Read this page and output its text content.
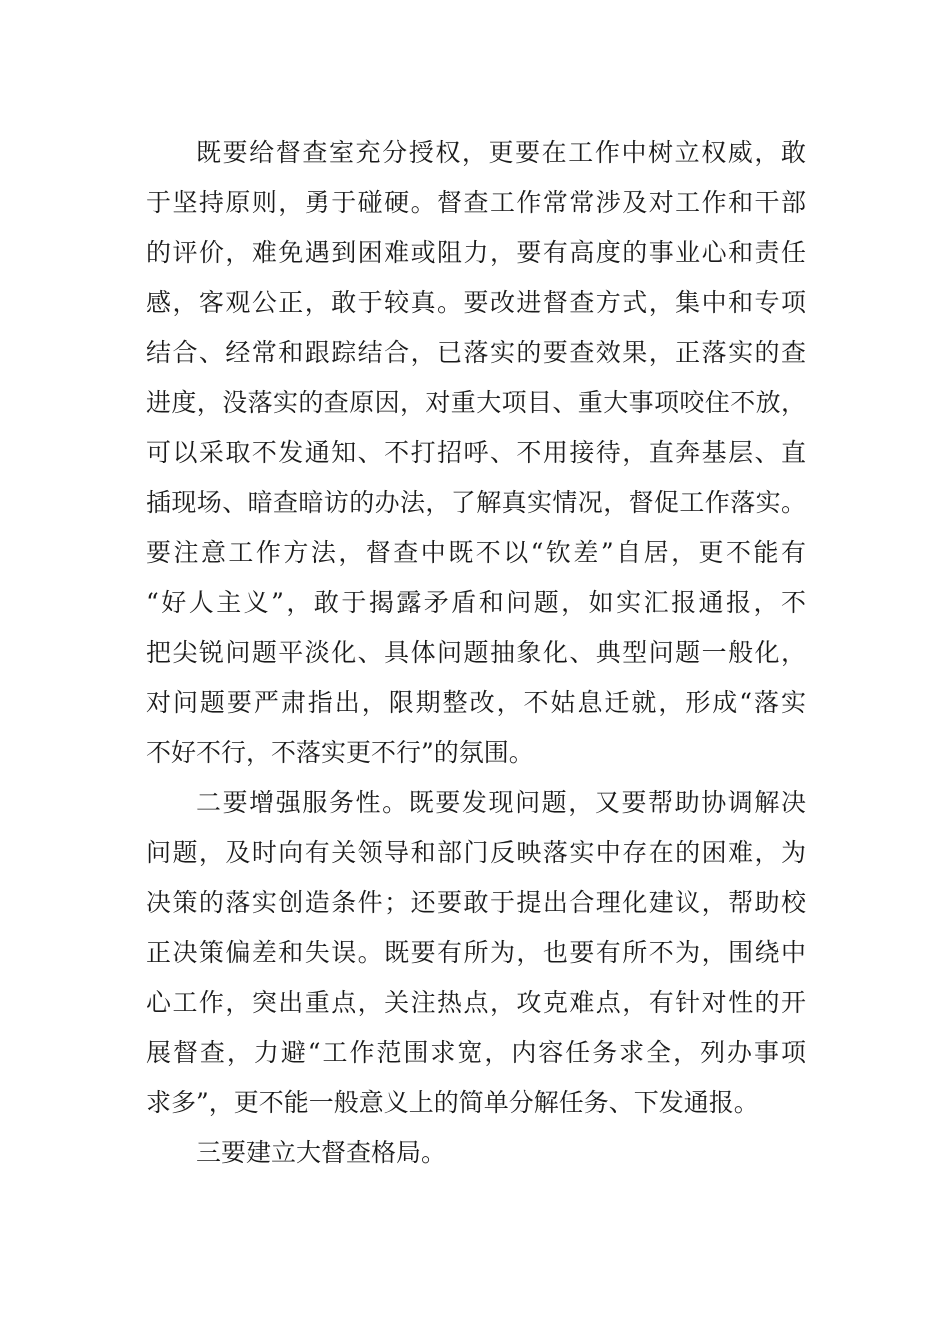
既要给督查室充分授权，更要在工作中树立权威，敢
于坚持原则，勇于碰硬。督查工作常常涉及对工作和干部
的评价，难免遇到困难或阻力，要有高度的事业心和责任
感，客观公正，敢于较真。要改进督查方式，集中和专项
结合、经常和跟踪结合，已落实的要查效果，正落实的查
进度，没落实的查原因，对重大项目、重大事项咬住不放，
可以采取不发通知、不打招呼、不用接待，直奔基层、直
插现场、暗查暗访的办法，了解真实情况，督促工作落实。
要注意工作方法，督查中既不以“钦差”自居，更不能有
“好人主义”，敢于揭露矛盾和问题，如实汇报通报，不
把尖锐问题平淡化、具体问题抽象化、典型问题一般化，
对问题要严肃指出，限期整改，不姑息迁就，形成“落实
不好不行，不落实更不行”的氛围。
二要增强服务性。既要发现问题，又要帮助协调解决
问题，及时向有关领导和部门反映落实中存在的困难，为
决策的落实创造条件；还要敢于提出合理化建议，帮助校
正决策偏差和失误。既要有所为，也要有所不为，围绕中
心工作，突出重点，关注热点，攻克难点，有针对性的开
展督查，力避“工作范围求宽，内容任务求全，列办事项
求多”，更不能一般意义上的简单分解任务、下发通报。
三要建立大督查格局。
